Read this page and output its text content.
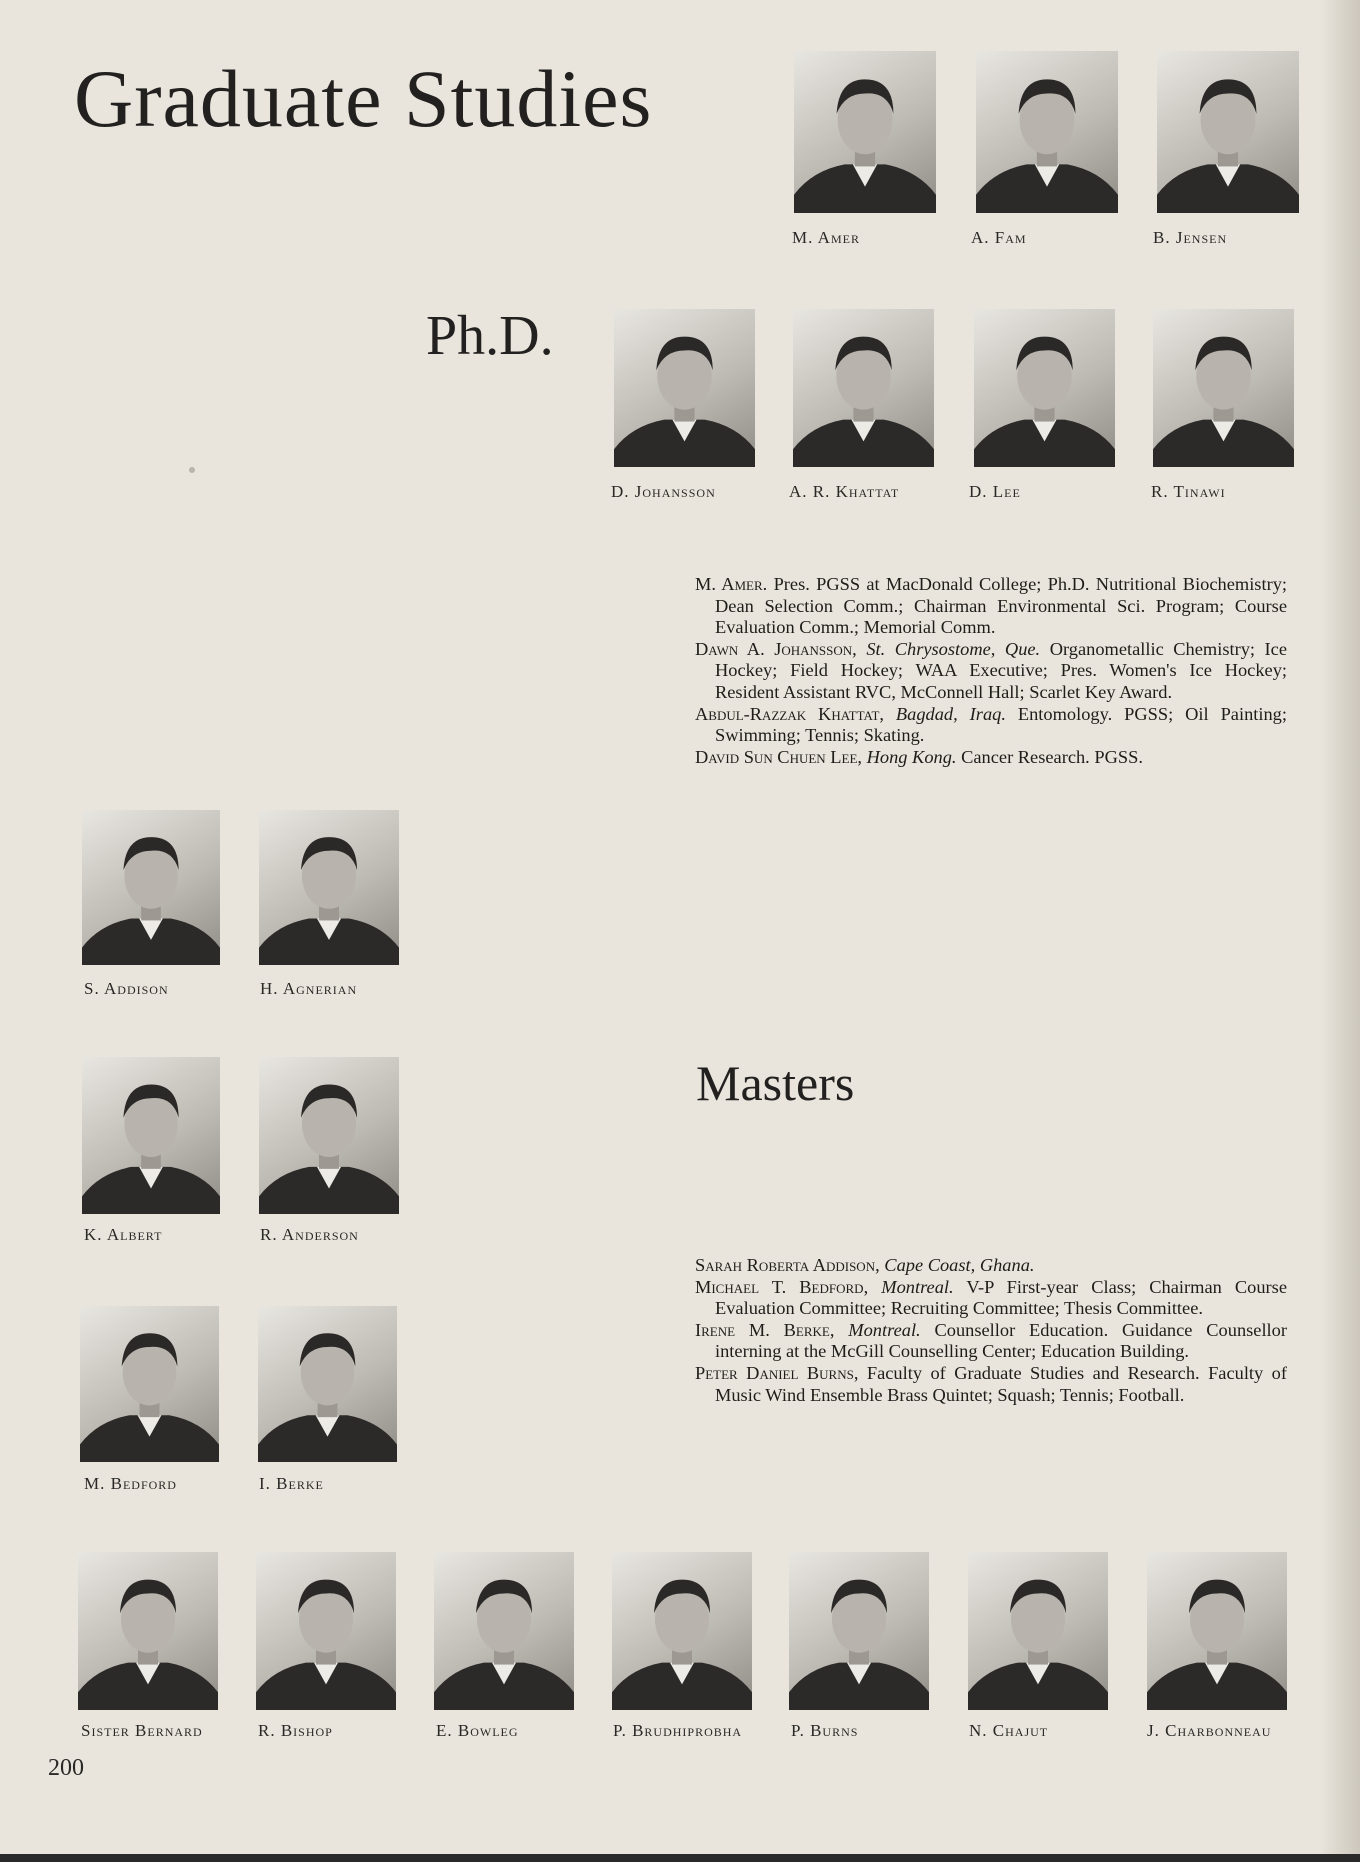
Graduate Studies
Ph.D.
Masters
M. Amer	A. Fam	B. Jensen
D. Johansson	A. R. Khattat	D. Lee	R. Tinawi

M. Amer. Pres. PGSS at MacDonald College; Ph.D. Nutritional Biochemistry; Dean Selection Comm.; Chairman Environmental Sci. Program; Course Evaluation Comm.; Memorial Comm.

Dawn A. Johansson, St. Chrysostome, Que. Organometallic Chemistry; Ice Hockey; Field Hockey; WAA Executive; Pres. Women's Ice Hockey; Resident Assistant RVC, McConnell Hall; Scarlet Key Award.

Abdul-Razzak Khattat, Bagdad, Iraq. Entomology. PGSS; Oil Painting; Swimming; Tennis; Skating.

David Sun Chuen Lee, Hong Kong. Cancer Research. PGSS.

S. Addison	H. Agnerian
K. Albert	R. Anderson
M. Bedford	I. Berke

Sarah Roberta Addison, Cape Coast, Ghana.

Michael T. Bedford, Montreal. V-P First-year Class; Chairman Course Evaluation Committee; Recruiting Committee; Thesis Committee.

Irene M. Berke, Montreal. Counsellor Education. Guidance Counsellor interning at the McGill Counselling Center; Education Building.

Peter Daniel Burns, Faculty of Graduate Studies and Research. Faculty of Music Wind Ensemble Brass Quintet; Squash; Tennis; Football.

Sister Bernard	R. Bishop	E. Bowleg	P. Brudhiprobha	P. Burns	N. Chajut	J. Charbonneau
200
